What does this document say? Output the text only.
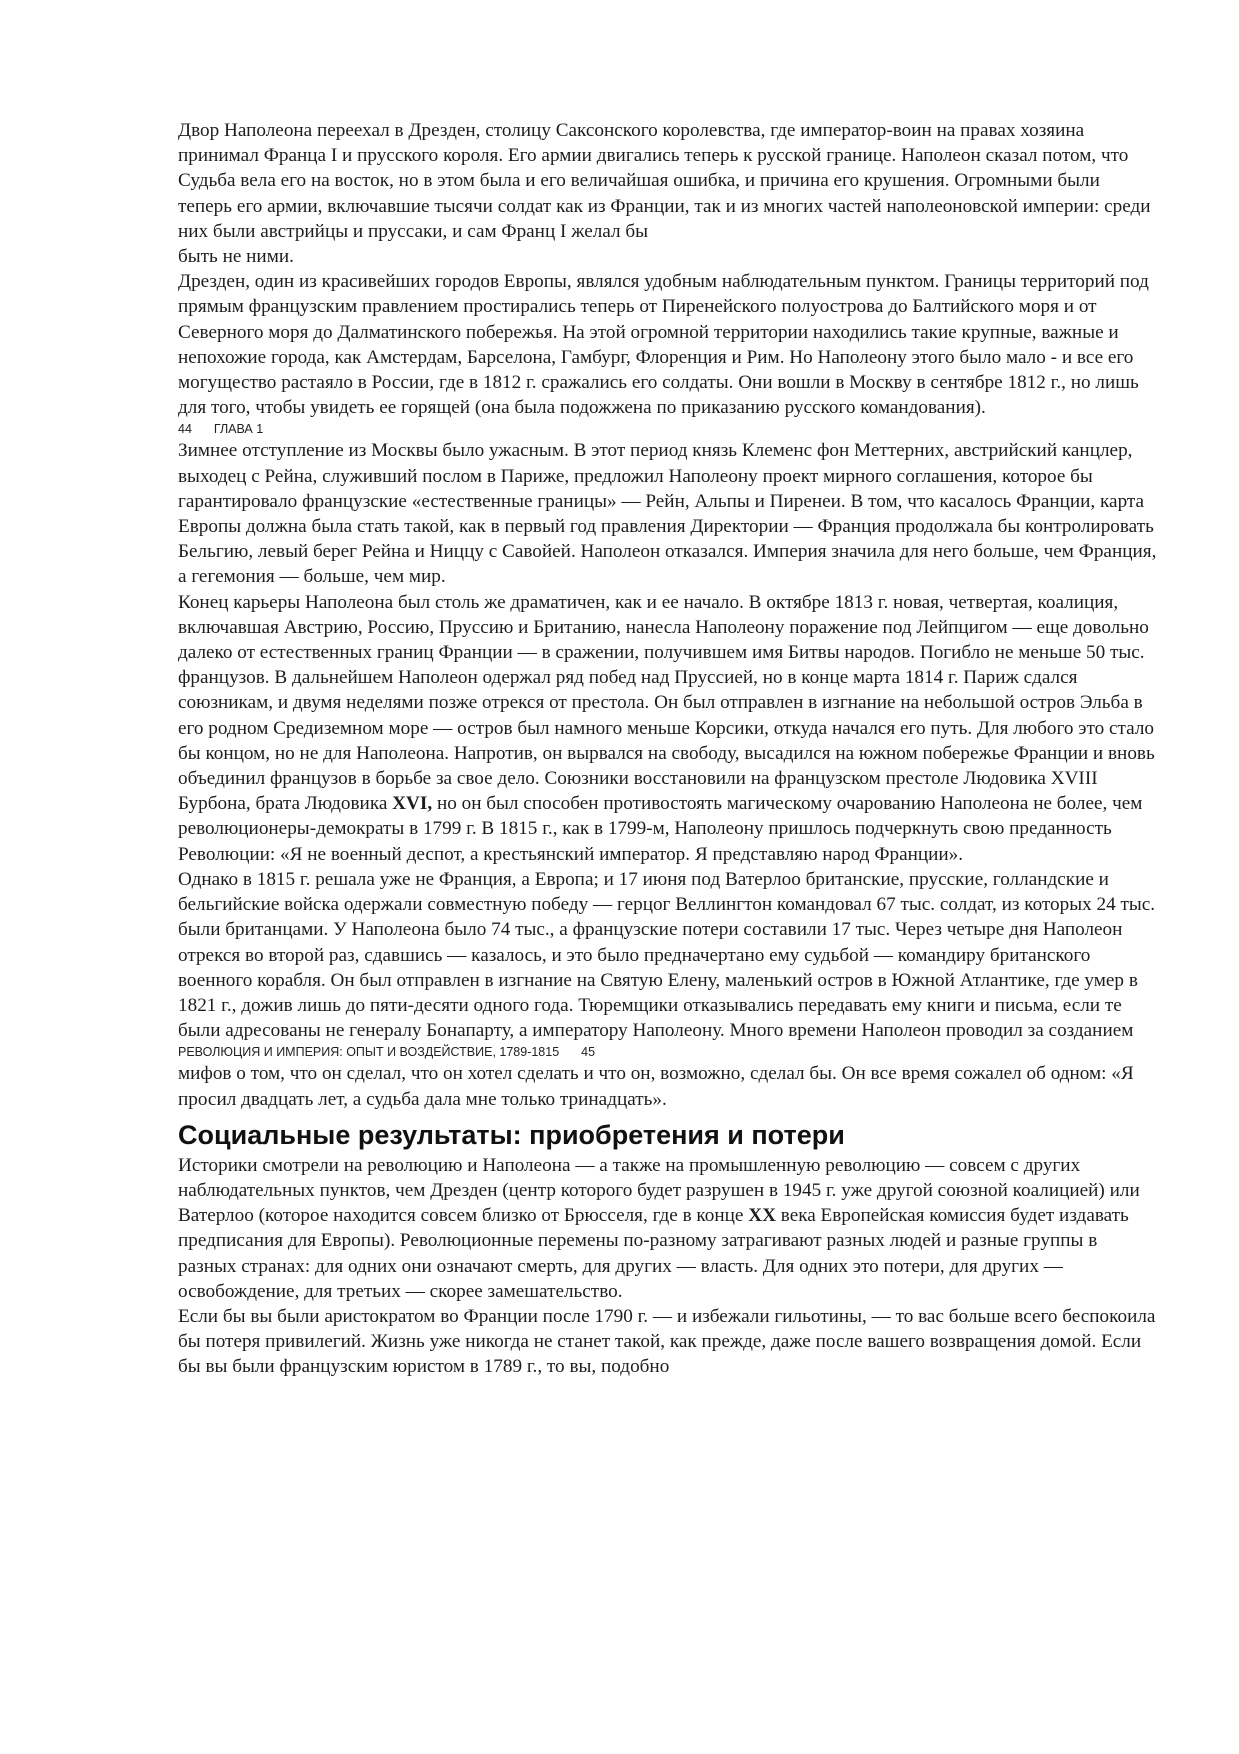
Двор Наполеона переехал в Дрезден, столицу Саксонского королевства, где император-воин на правах хозяина принимал Франца I и прусского короля. Его армии двигались теперь к русской границе. Наполеон сказал потом, что Судьба вела его на восток, но в этом была и его величайшая ошибка, и причина его крушения. Огромными были теперь его армии, включавшие тысячи солдат как из Франции, так и из многих частей наполеоновской империи: среди них были австрийцы и пруссаки, и сам Франц I желал бы

быть не ними.

Дрезден, один из красивейших городов Европы, являлся удобным наблюдательным пунктом. Границы территорий под прямым французским правлением простирались теперь от Пиренейского полуострова до Балтийского моря и от Северного моря до Далматинского побережья. На этой огромной территории находились такие крупные, важные и непохожие города, как Амстердам, Барселона, Гамбург, Флоренция и Рим. Но Наполеону этого было мало - и все его могущество растаяло в России, где в 1812 г. сражались его солдаты. Они вошли в Москву в сентябре 1812 г., но лишь для того, чтобы увидеть ее горящей (она была подожжена по приказанию русского командования).

44 ГЛАВА 1

Зимнее отступление из Москвы было ужасным. В этот период князь Клеменс фон Меттерних, австрийский канцлер, выходец с Рейна, служивший послом в Париже, предложил Наполеону проект мирного соглашения, которое бы гарантировало французские «естественные границы» — Рейн, Альпы и Пиренеи. В том, что касалось Франции, карта Европы должна была стать такой, как в первый год правления Директории — Франция продолжала бы контролировать Бельгию, левый берег Рейна и Ниццу с Савойей. Наполеон отказался. Империя значила для него больше, чем Франция, а гегемония — больше, чем мир.

Конец карьеры Наполеона был столь же драматичен, как и ее начало. В октябре 1813 г. новая, четвертая, коалиция, включавшая Австрию, Россию, Пруссию и Британию, нанесла Наполеону поражение под Лейпцигом — еще довольно далеко от естественных границ Франции — в сражении, получившем имя Битвы народов. Погибло не меньше 50 тыс. французов. В дальнейшем Наполеон одержал ряд побед над Пруссией, но в конце марта 1814 г. Париж сдался союзникам, и двумя неделями позже отрекся от престола. Он был отправлен в изгнание на небольшой остров Эльба в его родном Средиземном море — остров был намного меньше Корсики, откуда начался его путь. Для любого это стало бы концом, но не для Наполеона. Напротив, он вырвался на свободу, высадился на южном побережье Франции и вновь объединил французов в борьбе за свое дело. Союзники восстановили на французском престоле Людовика XVIII Бурбона, брата Людовика XVI, но он был способен противостоять магическому очарованию Наполеона не более, чем революционеры-демократы в 1799 г. В 1815 г., как в 1799-м, Наполеону пришлось подчеркнуть свою преданность Революции: «Я не военный деспот, а крестьянский император. Я представляю народ Франции».

Однако в 1815 г. решала уже не Франция, а Европа; и 17 июня под Ватерлоо британские, прусские, голландские и бельгийские войска одержали совместную победу — герцог Веллингтон командовал 67 тыс. солдат, из которых 24 тыс. были британцами. У Наполеона было 74 тыс., а французские потери составили 17 тыс. Через четыре дня Наполеон отрекся во второй раз, сдавшись — казалось, и это было предначертано ему судьбой — командиру британского военного корабля. Он был отправлен в изгнание на Святую Елену, маленький остров в Южной Атлантике, где умер в 1821 г., дожив лишь до пяти-десяти одного года. Тюремщики отказывались передавать ему книги и письма, если те были адресованы не генералу Бонапарту, а императору Наполеону. Много времени Наполеон проводил за созданием

РЕВОЛЮЦИЯ И ИМПЕРИЯ: ОПЫТ И ВОЗДЕЙСТВИЕ, 1789-1815 45

мифов о том, что он сделал, что он хотел сделать и что он, возможно, сделал бы. Он все время сожалел об одном: «Я просил двадцать лет, а судьба дала мне только тринадцать».

Социальные результаты: приобретения и потери

Историки смотрели на революцию и Наполеона — а также на промышленную революцию — совсем с других наблюдательных пунктов, чем Дрезден (центр которого будет разрушен в 1945 г. уже другой союзной коалицией) или Ватерлоо (которое находится совсем близко от Брюсселя, где в конце XX века Европейская комиссия будет издавать предписания для Европы). Революционные перемены по-разному затрагивают разных людей и разные группы в разных странах: для одних они означают смерть, для других — власть. Для одних это потери, для других — освобождение, для третьих — скорее замешательство.

Если бы вы были аристократом во Франции после 1790 г. — и избежали гильотины, — то вас больше всего беспокоила бы потеря привилегий. Жизнь уже никогда не станет такой, как прежде, даже после вашего возвращения домой. Если бы вы были французским юристом в 1789 г., то вы, подобно
